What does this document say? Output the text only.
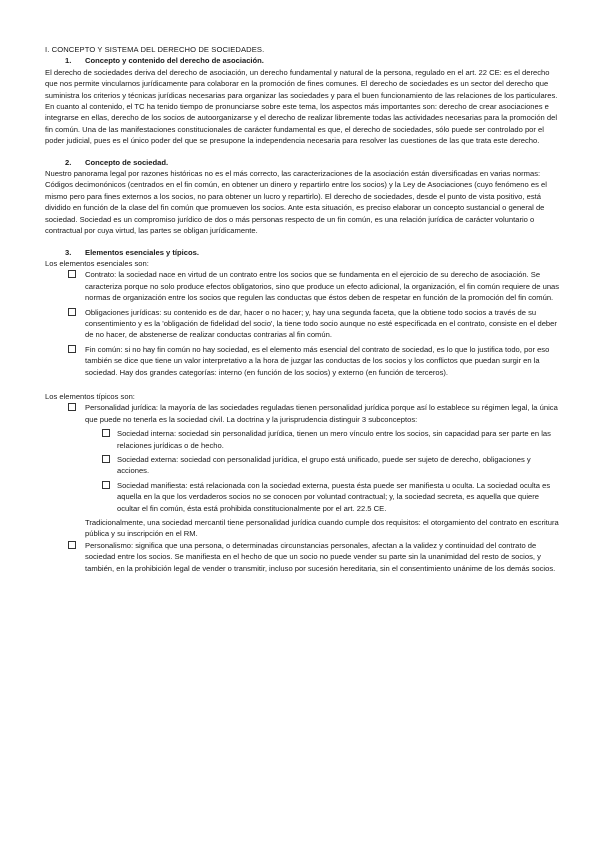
I. CONCEPTO Y SISTEMA DEL DERECHO DE SOCIEDADES.

1. Concepto y contenido del derecho de asociación.

El derecho de sociedades deriva del derecho de asociación, un derecho fundamental y natural de la persona, regulado en el art. 22 CE: es el derecho que nos permite vincularnos jurídicamente para colaborar en la promoción de fines comunes. El derecho de sociedades es un sector del derecho que suministra los criterios y técnicas jurídicas necesarias para organizar las sociedades y para el buen funcionamiento de las relaciones de los particulares. En cuanto al contenido, el TC ha tenido tiempo de pronunciarse sobre este tema, los aspectos más importantes son: derecho de crear asociaciones e integrarse en ellas, derecho de los socios de autoorganizarse y el derecho de realizar libremente todas las actividades necesarias para la promoción del fin común. Una de las manifestaciones constitucionales de carácter fundamental es que, el derecho de sociedades, sólo puede ser controlado por el poder judicial, pues es el único poder del que se presupone la independencia necesaria para resolver las cuestiones de las que trata este derecho.

2. Concepto de sociedad.

Nuestro panorama legal por razones históricas no es el más correcto, las caracterizaciones de la asociación están diversificadas en varias normas: Códigos decimonónicos (centrados en el fin común, en obtener un dinero y repartirlo entre los socios) y la Ley de Asociaciones (cuyo fenómeno es el mismo pero para fines externos a los socios, no para obtener un lucro y repartirlo). El derecho de sociedades, desde el punto de vista positivo, está dividido en función de la clase del fin común que promueven los socios. Ante esta situación, es preciso elaborar un concepto sustancial o general de sociedad. Sociedad es un compromiso jurídico de dos o más personas respecto de un fin común, es una relación jurídica de carácter voluntario o contractual por cuya virtud, las partes se obligan jurídicamente.

3. Elementos esenciales y típicos.

Los elementos esenciales son:

Contrato: la sociedad nace en virtud de un contrato entre los socios que se fundamenta en el ejercicio de su derecho de asociación. Se caracteriza porque no solo produce efectos obligatorios, sino que produce un efecto adicional, la organización, el fin común requiere de unas normas de organización entre los socios que regulen las conductas que éstos deben de respetar en función de la promoción del fin común.
Obligaciones jurídicas: su contenido es de dar, hacer o no hacer; y, hay una segunda faceta, que la obtiene todo socios a través de su consentimiento y es la 'obligación de fidelidad del socio', la tiene todo socio aunque no esté especificada en el contrato, consiste en el deber de no hacer, de abstenerse de realizar conductas contrarias al fin común.
Fin común: si no hay fin común no hay sociedad, es el elemento más esencial del contrato de sociedad, es lo que lo justifica todo, por eso también se dice que tiene un valor interpretativo a la hora de juzgar las conductas de los socios y los conflictos que puedan surgir en la sociedad. Hay dos grandes categorías: interno (en función de los socios) y externo (en función de terceros).

Los elementos típicos son:

Personalidad jurídica: la mayoría de las sociedades reguladas tienen personalidad jurídica porque así lo establece su régimen legal, la única que puede no tenerla es la sociedad civil. La doctrina y la jurisprudencia distinguir 3 subconceptos:
Sociedad interna: sociedad sin personalidad jurídica, tienen un mero vínculo entre los socios, sin capacidad para ser parte en las relaciones jurídicas o de hecho.
Sociedad externa: sociedad con personalidad jurídica, el grupo está unificado, puede ser sujeto de derecho, obligaciones y acciones.
Sociedad manifiesta: está relacionada con la sociedad externa, puesta ésta puede ser manifiesta u oculta. La sociedad oculta es aquella en la que los verdaderos socios no se conocen por voluntad contractual; y, la sociedad secreta, es aquella que quiere ocultar el fin común, ésta está prohibida constitucionalmente por el art. 22.5 CE.

Tradicionalmente, una sociedad mercantil tiene personalidad jurídica cuando cumple dos requisitos: el otorgamiento del contrato en escritura pública y su inscripción en el RM.

Personalismo: significa que una persona, o determinadas circunstancias personales, afectan a la validez y continuidad del contrato de sociedad entre los socios. Se manifiesta en el hecho de que un socio no puede vender su parte sin la unanimidad del resto de socios, y también, en la prohibición legal de vender o transmitir, incluso por sucesión hereditaria, sin el consentimiento unánime de los demás socios.
